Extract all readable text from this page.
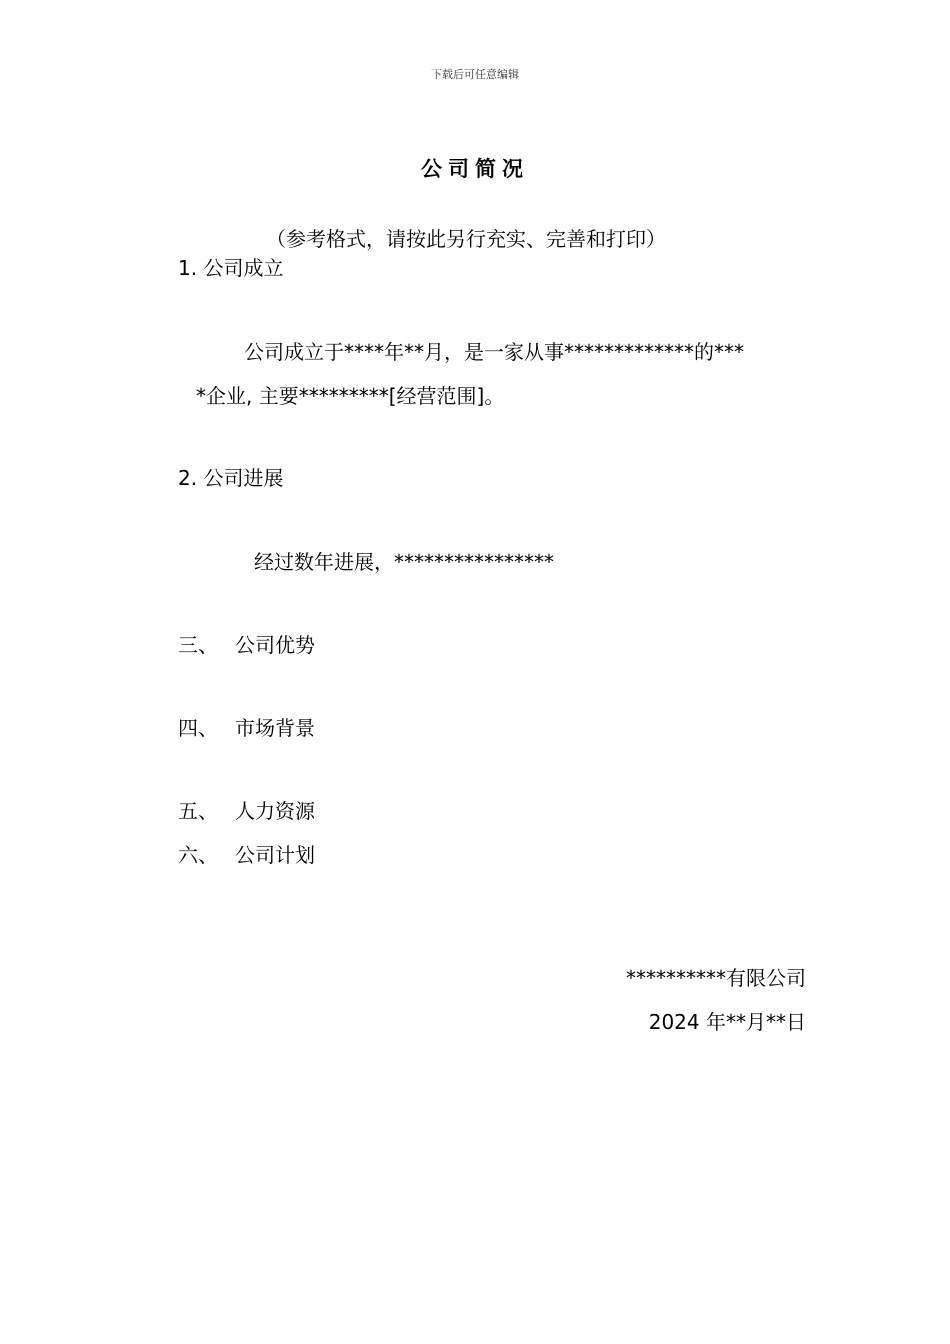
下载后可任意编辑
公司简况
（参考格式，请按此另行充实、完善和打印）
1. 公司成立
公司成立于****年**月，是一家从事*************的***
*企业, 主要*********[经营范围]。
2. 公司进展
经过数年进展，****************
三、 公司优势
四、 市场背景
五、 人力资源
六、 公司计划
**********有限公司
2024 年**月**日
